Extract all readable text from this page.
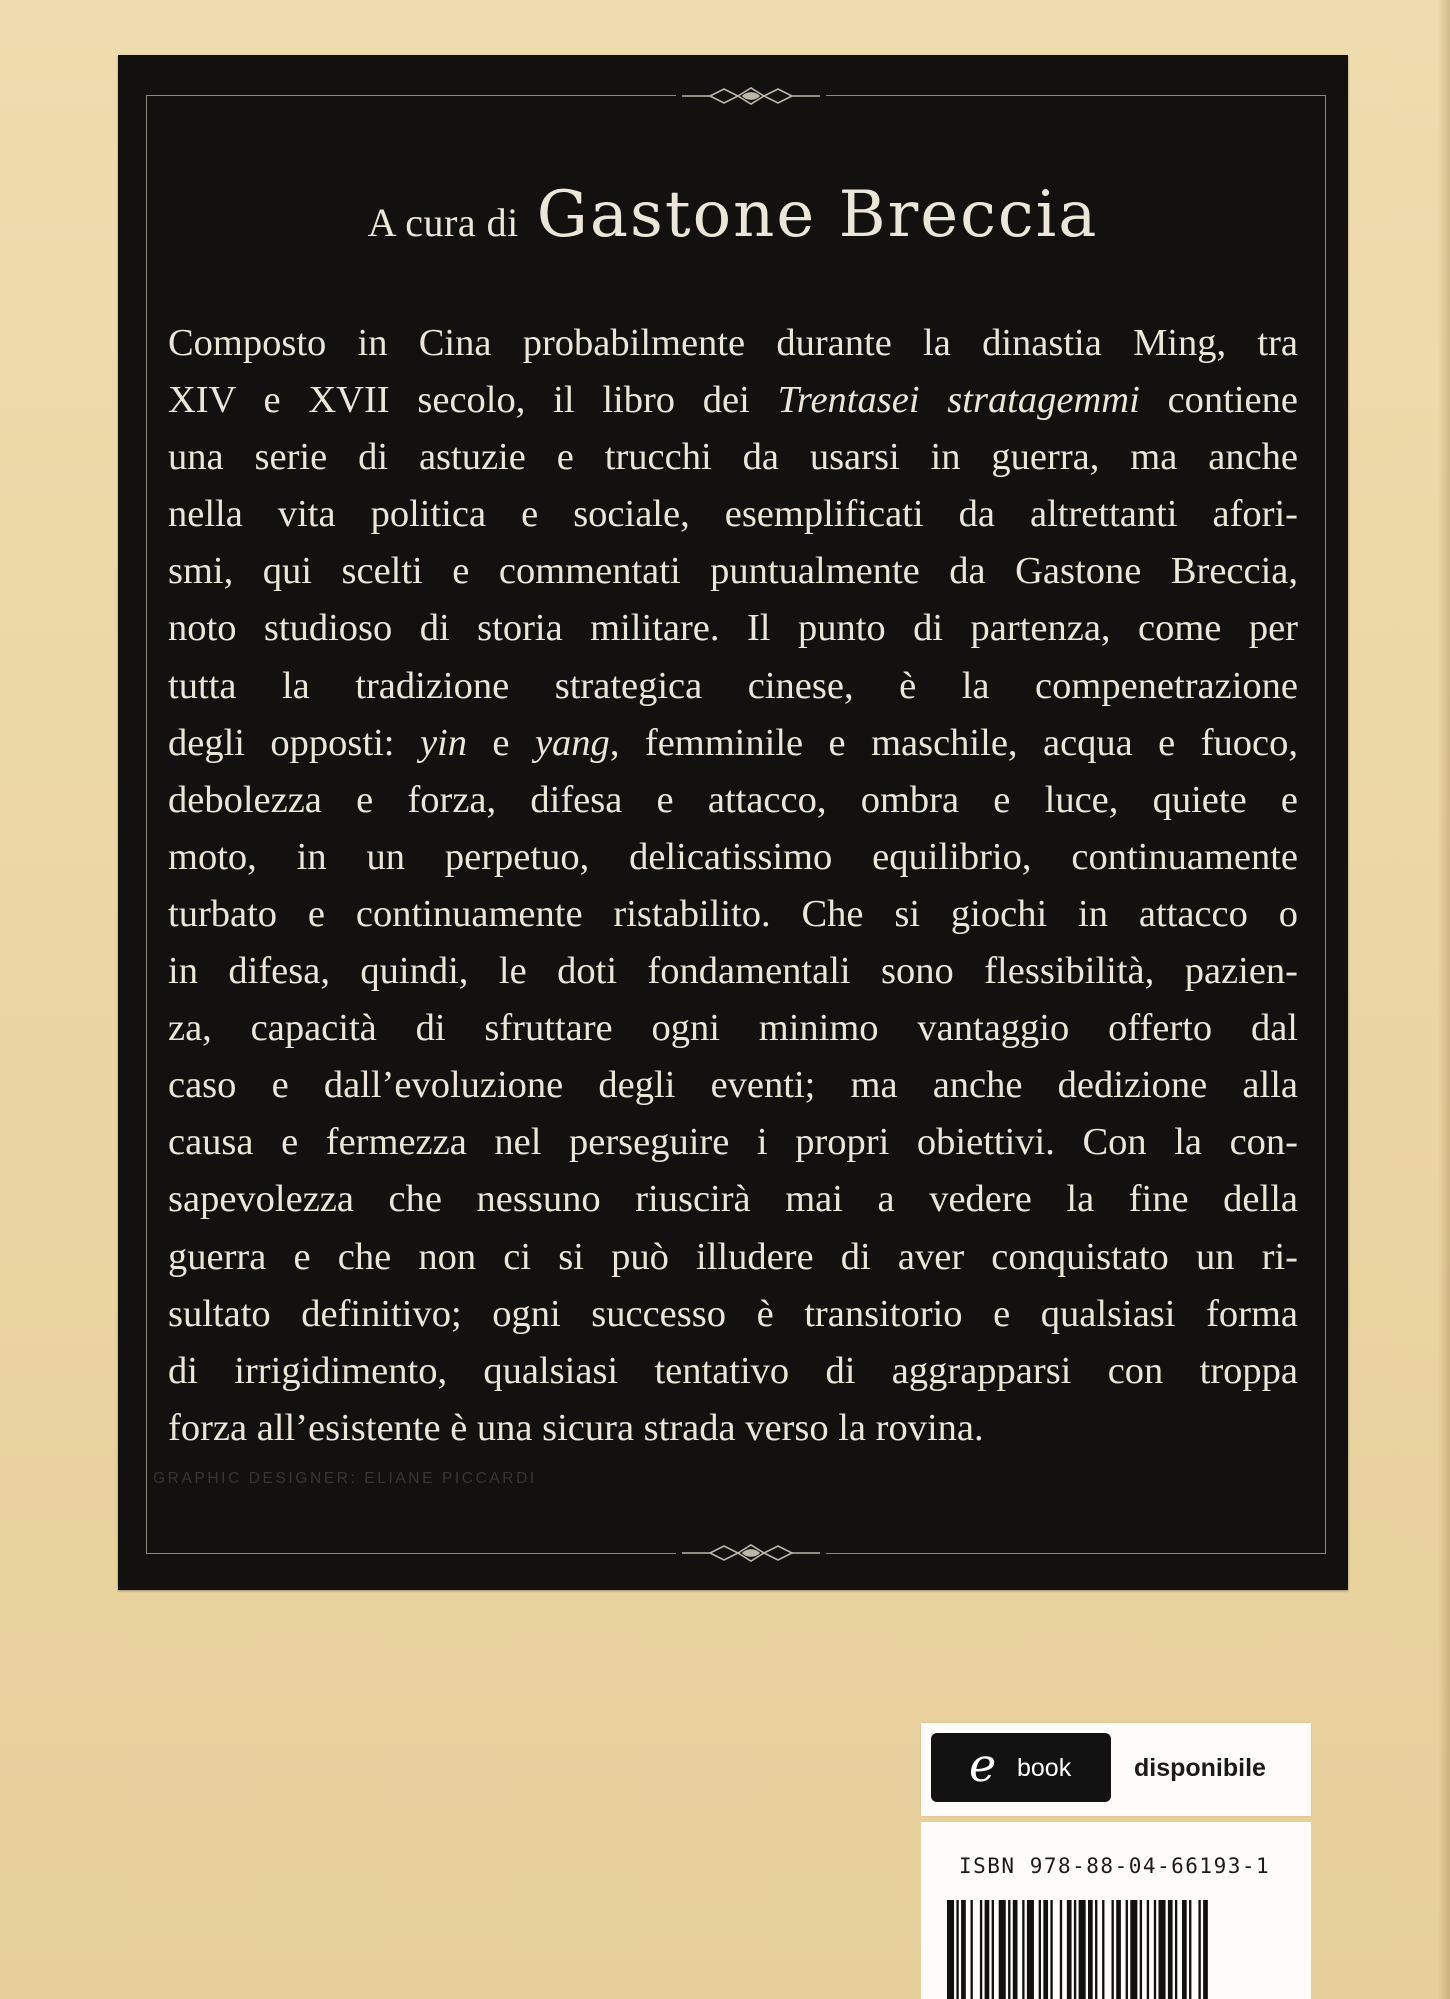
A cura di Gastone Breccia
Composto in Cina probabilmente durante la dinastia Ming, tra
XIV e XVII secolo, il libro dei Trentasei stratagemmi contiene
una serie di astuzie e trucchi da usarsi in guerra, ma anche
nella vita politica e sociale, esemplificati da altrettanti afori-
smi, qui scelti e commentati puntualmente da Gastone Breccia,
noto studioso di storia militare. Il punto di partenza, come per
tutta la tradizione strategica cinese, è la compenetrazione
degli opposti: yin e yang, femminile e maschile, acqua e fuoco,
debolezza e forza, difesa e attacco, ombra e luce, quiete e
moto, in un perpetuo, delicatissimo equilibrio, continuamente
turbato e continuamente ristabilito. Che si giochi in attacco o
in difesa, quindi, le doti fondamentali sono flessibilità, pazien-
za, capacità di sfruttare ogni minimo vantaggio offerto dal
caso e dall’evoluzione degli eventi; ma anche dedizione alla
causa e fermezza nel perseguire i propri obiettivi. Con la con-
sapevolezza che nessuno riuscirà mai a vedere la fine della
guerra e che non ci si può illudere di aver conquistato un ri-
sultato definitivo; ogni successo è transitorio e qualsiasi forma
di irrigidimento, qualsiasi tentativo di aggrapparsi con troppa
forza all’esistente è una sicura strada verso la rovina.
GRAPHIC DESIGNER: ELIANE PICCARDI
e book	disponibile
ISBN 978-88-04-66193-1
